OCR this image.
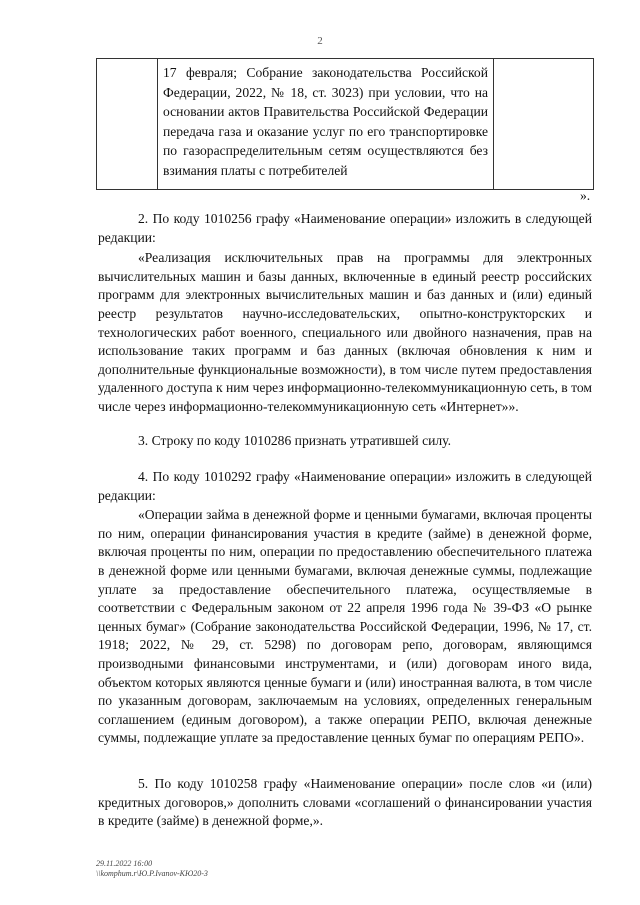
2

17 февраля; Собрание законодательства Российской Федерации, 2022, № 18, ст. 3023) при условии, что на основании актов Правительства Российской Федерации передача газа и оказание услуг по его транспортировке по газораспределительным сетям осуществляются без взимания платы с потребителей

».

2. По коду 1010256 графу «Наименование операции» изложить в следующей редакции:

«Реализация исключительных прав на программы для электронных вычислительных машин и базы данных, включенные в единый реестр российских программ для электронных вычислительных машин и баз данных и (или) единый реестр результатов научно-исследовательских, опытно-конструкторских и технологических работ военного, специального или двойного назначения, прав на использование таких программ и баз данных (включая обновления к ним и дополнительные функциональные возможности), в том числе путем предоставления удаленного доступа к ним через информационно-телекоммуникационную сеть, в том числе через информационно-телекоммуникационную сеть «Интернет»».

3. Строку по коду 1010286 признать утратившей силу.

4. По коду 1010292 графу «Наименование операции» изложить в следующей редакции:

«Операции займа в денежной форме и ценными бумагами, включая проценты по ним, операции финансирования участия в кредите (займе) в денежной форме, включая проценты по ним, операции по предоставлению обеспечительного платежа в денежной форме или ценными бумагами, включая денежные суммы, подлежащие уплате за предоставление обеспечительного платежа, осуществляемые в соответствии с Федеральным законом от 22 апреля 1996 года № 39-ФЗ «О рынке ценных бумаг» (Собрание законодательства Российской Федерации, 1996, № 17, ст. 1918; 2022, № 29, ст. 5298) по договорам репо, договорам, являющимся производными финансовыми инструментами, и (или) договорам иного вида, объектом которых являются ценные бумаги и (или) иностранная валюта, в том числе по указанным договорам, заключаемым на условиях, определенных генеральным соглашением (единым договором), а также операции РЕПО, включая денежные суммы, подлежащие уплате за предоставление ценных бумаг по операциям РЕПО».

5. По коду 1010258 графу «Наименование операции» после слов «и (или) кредитных договоров,» дополнить словами «соглашений о финансировании участия в кредите (займе) в денежной форме,».

29.11.2022 16:00
\\komphum.r\Ю.Р.Ivanov-КЮ20-3
